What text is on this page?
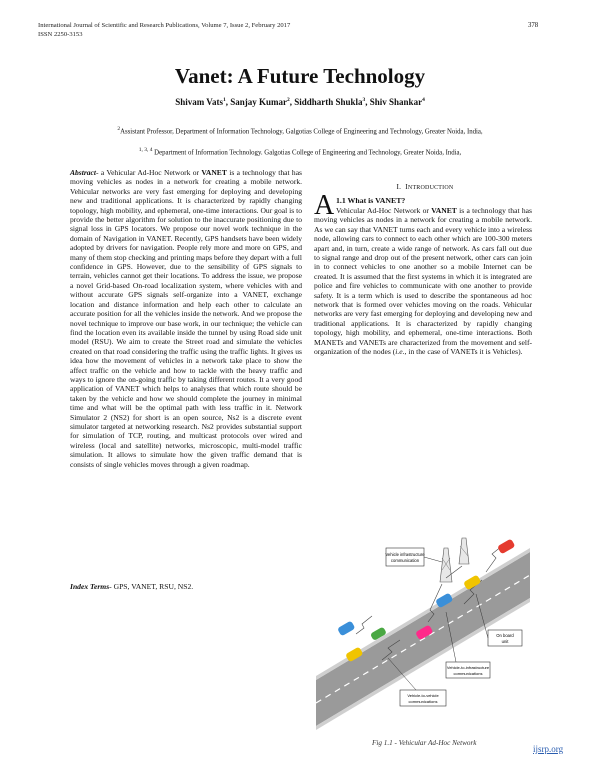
International Journal of Scientific and Research Publications, Volume 7, Issue 2, February 2017
ISSN 2250-3153
378
Vanet: A Future Technology
Shivam Vats$^1$, Sanjay Kumar$^2$, Siddharth Shukla$^3$, Shiv Shankar$^4$
$^2$Assistant Professor, Department of Information Technology, Galgotias College of Engineering and Technology, Greater Noida, India,
$^{1, 3, 4}$ Department of Information Technology. Galgotias College of Engineering and Technology, Greater Noida, India,
Abstract- a Vehicular Ad-Hoc Network or VANET is a technology that has moving vehicles as nodes in a network for creating a mobile network. Vehicular networks are very fast emerging for deploying and developing new and traditional applications. It is characterized by rapidly changing topology, high mobility, and ephemeral, one-time interactions. Our goal is to provide the better algorithm for solution to the inaccurate positioning due to signal loss in GPS locators. We propose our novel work technique in the domain of Navigation in VANET. Recently, GPS handsets have been widely adopted by drivers for navigation. People rely more and more on GPS, and many of them stop checking and printing maps before they depart with a full confidence in GPS. However, due to the sensibility of GPS signals to terrain, vehicles cannot get their locations. To address the issue, we propose a novel Grid-based On-road localization system, where vehicles with and without accurate GPS signals self-organize into a VANET, exchange location and distance information and help each other to calculate an accurate position for all the vehicles inside the network. And we propose the novel technique to improve our base work, in our technique; the vehicle can find the location even its available inside the tunnel by using Road side unit model (RSU). We aim to create the Street road and simulate the vehicles created on that road considering the traffic using the traffic lights. It gives us idea how the movement of vehicles in a network take place to show the affect traffic on the vehicle and how to tackle with the heavy traffic and ways to ignore the on-going traffic by taking different routes. It a very good application of VANET which helps to analyses that which route should be taken by the vehicle and how we should complete the journey in minimal time and what will be the optimal path with less traffic in it. Network Simulator 2 (NS2) for short is an open source, Ns2 is a discrete event simulator targeted at networking research. Ns2 provides substantial support for simulation of TCP, routing, and multicast protocols over wired and wireless (local and satellite) networks, microscopic, multi-model traffic simulation. It allows to simulate how the given traffic demand that is consists of single vehicles moves through a given roadmap.
Index Terms- GPS, VANET, RSU, NS2.
I. INTRODUCTION
A 1.1 What is VANET?
Vehicular Ad-Hoc Network or VANET is a technology that has moving vehicles as nodes in a network for creating a mobile network. As we can say that VANET turns each and every vehicle into a wireless node, allowing cars to connect to each other which are 100-300 meters apart and, in turn, create a wide range of network. As cars fall out due to signal range and drop out of the present network, other cars can join in to connect vehicles to one another so a mobile Internet can be created. It is assumed that the first systems in which it is integrated are police and fire vehicles to communicate with one another to provide safety. It is a term which is used to describe the spontaneous ad hoc network that is formed over vehicles moving on the roads. Vehicular networks are very fast emerging for deploying and developing new and traditional applications. It is characterized by rapidly changing topology, high mobility, and ephemeral, one-time interactions. Both MANETs and VANETs are characterized from the movement and self-organization of the nodes (i.e., in the case of VANETs it is Vehicles).
Vehicle infrastructure
communication
On board
unit
Vehicle-to-infrastructure
communications
Vehicle-to-vehicle
communications
Fig 1.1 - Vehicular Ad-Hoc Network
ijsrp.org
